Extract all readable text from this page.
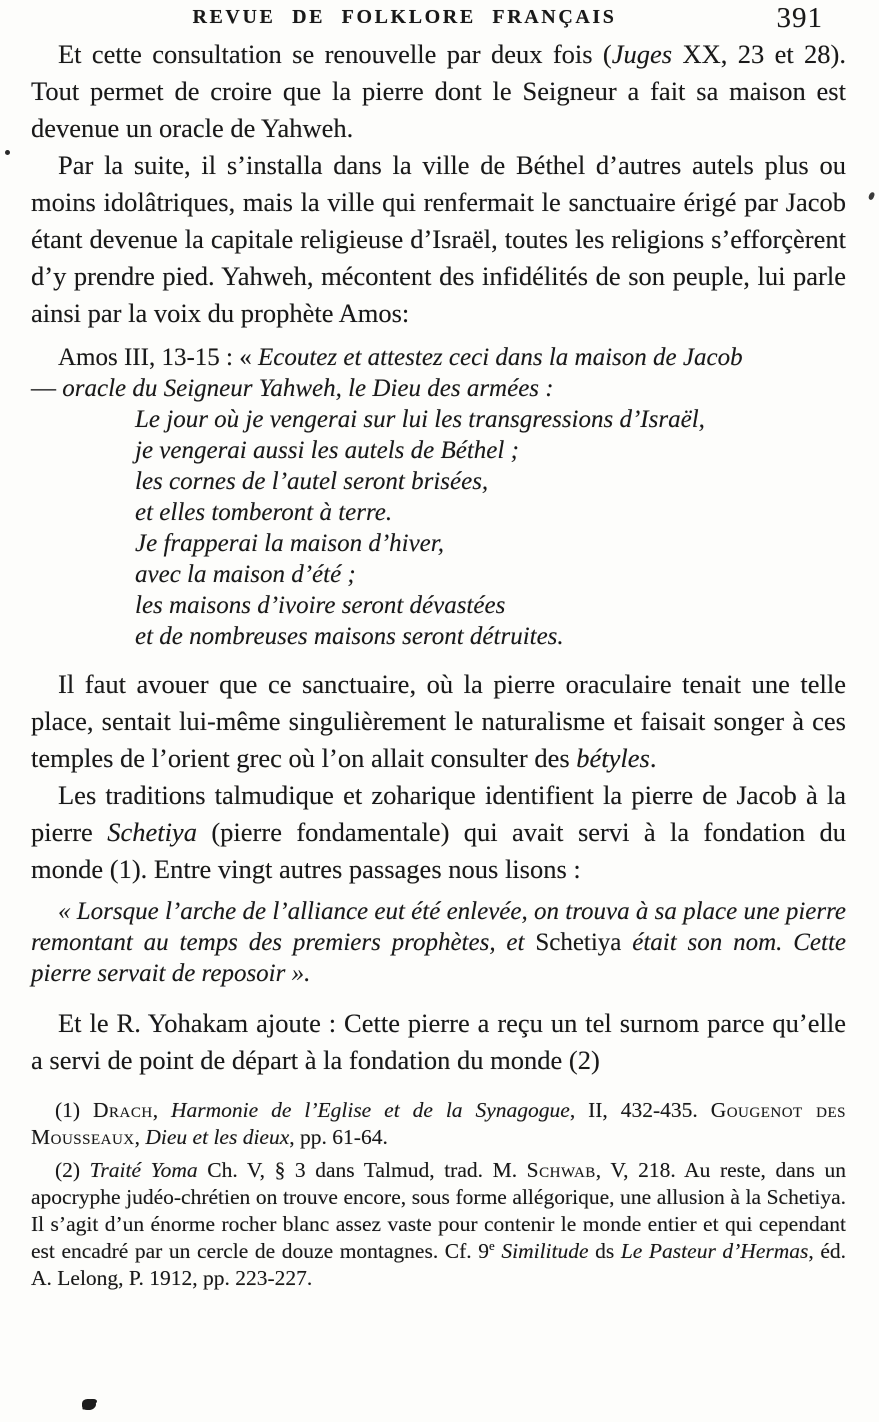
REVUE DE FOLKLORE FRANÇAIS	391

Et cette consultation se renouvelle par deux fois (Juges XX, 23 et 28). Tout permet de croire que la pierre dont le Seigneur a fait sa maison est devenue un oracle de Yahweh.

Par la suite, il s’installa dans la ville de Béthel d’autres autels plus ou moins idolâtriques, mais la ville qui renfermait le sanctuaire érigé par Jacob étant devenue la capitale religieuse d’Israël, toutes les religions s’efforçèrent d’y prendre pied. Yahweh, mécontent des infidélités de son peuple, lui parle ainsi par la voix du prophète Amos:

Amos III, 13-15 : « Ecoutez et attestez ceci dans la maison de Jacob
— oracle du Seigneur Yahweh, le Dieu des armées :
Le jour où je vengerai sur lui les transgressions d’Israël,
je vengerai aussi les autels de Béthel ;
les cornes de l’autel seront brisées,
et elles tomberont à terre.
Je frapperai la maison d’hiver,
avec la maison d’été ;
les maisons d’ivoire seront dévastées
et de nombreuses maisons seront détruites.

Il faut avouer que ce sanctuaire, où la pierre oraculaire tenait une telle place, sentait lui-même singulièrement le naturalisme et faisait songer à ces temples de l’orient grec où l’on allait consulter des bétyles.

Les traditions talmudique et zoharique identifient la pierre de Jacob à la pierre Schetiya (pierre fondamentale) qui avait servi à la fondation du monde (1). Entre vingt autres passages nous lisons :

« Lorsque l’arche de l’alliance eut été enlevée, on trouva à sa place une pierre remontant au temps des premiers prophètes, et Schetiya était son nom. Cette pierre servait de reposoir ».

Et le R. Yohakam ajoute : Cette pierre a reçu un tel surnom parce qu’elle a servi de point de départ à la fondation du monde (2)

(1) Drach, Harmonie de l’Eglise et de la Synagogue, II, 432-435. Gougenot des Mousseaux, Dieu et les dieux, pp. 61-64.

(2) Traité Yoma Ch. V, § 3 dans Talmud, trad. M. Schwab, V, 218. Au reste, dans un apocryphe judéo-chrétien on trouve encore, sous forme allégorique, une allusion à la Schetiya. Il s’agit d’un énorme rocher blanc assez vaste pour contenir le monde entier et qui cependant est encadré par un cercle de douze montagnes. Cf. 9e Similitude ds Le Pasteur d’Hermas, éd. A. Lelong, P. 1912, pp. 223-227.
